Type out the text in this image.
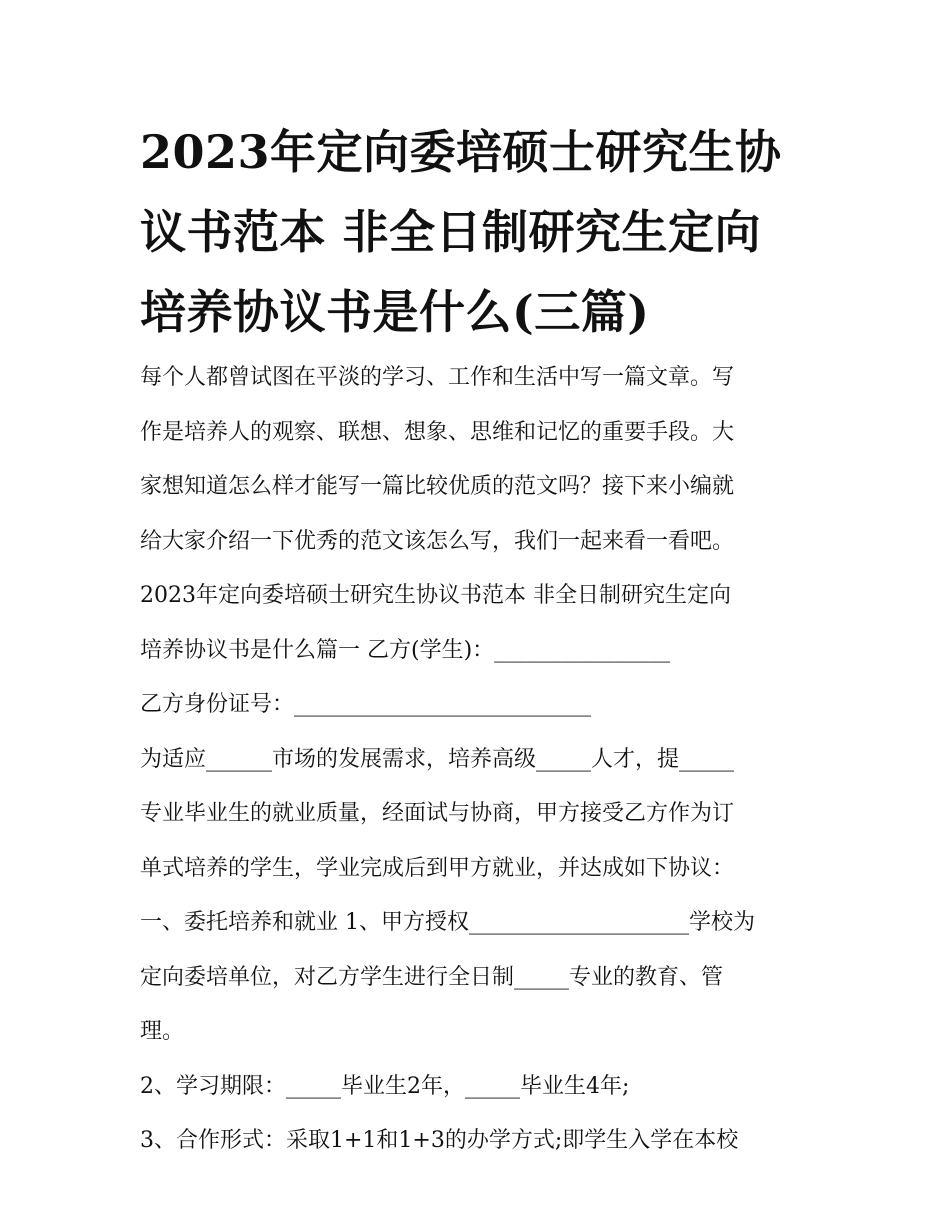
2023年定向委培硕士研究生协
议书范本 非全日制研究生定向
培养协议书是什么(三篇)
每个人都曾试图在平淡的学习、工作和生活中写一篇文章。写
作是培养人的观察、联想、想象、思维和记忆的重要手段。大
家想知道怎么样才能写一篇比较优质的范文吗？接下来小编就
给大家介绍一下优秀的范文该怎么写，我们一起来看一看吧。
2023年定向委培硕士研究生协议书范本 非全日制研究生定向
培养协议书是什么篇一 乙方(学生)：________________
乙方身份证号：___________________________
为适应______市场的发展需求，培养高级_____人才，提_____
专业毕业生的就业质量，经面试与协商，甲方接受乙方作为订
单式培养的学生，学业完成后到甲方就业，并达成如下协议：
一、委托培养和就业 1、甲方授权____________________学校为
定向委培单位，对乙方学生进行全日制_____专业的教育、管
理。
2、学习期限：_____毕业生2年，_____毕业生4年;
3、合作形式：采取1+1和1+3的办学方式;即学生入学在本校
